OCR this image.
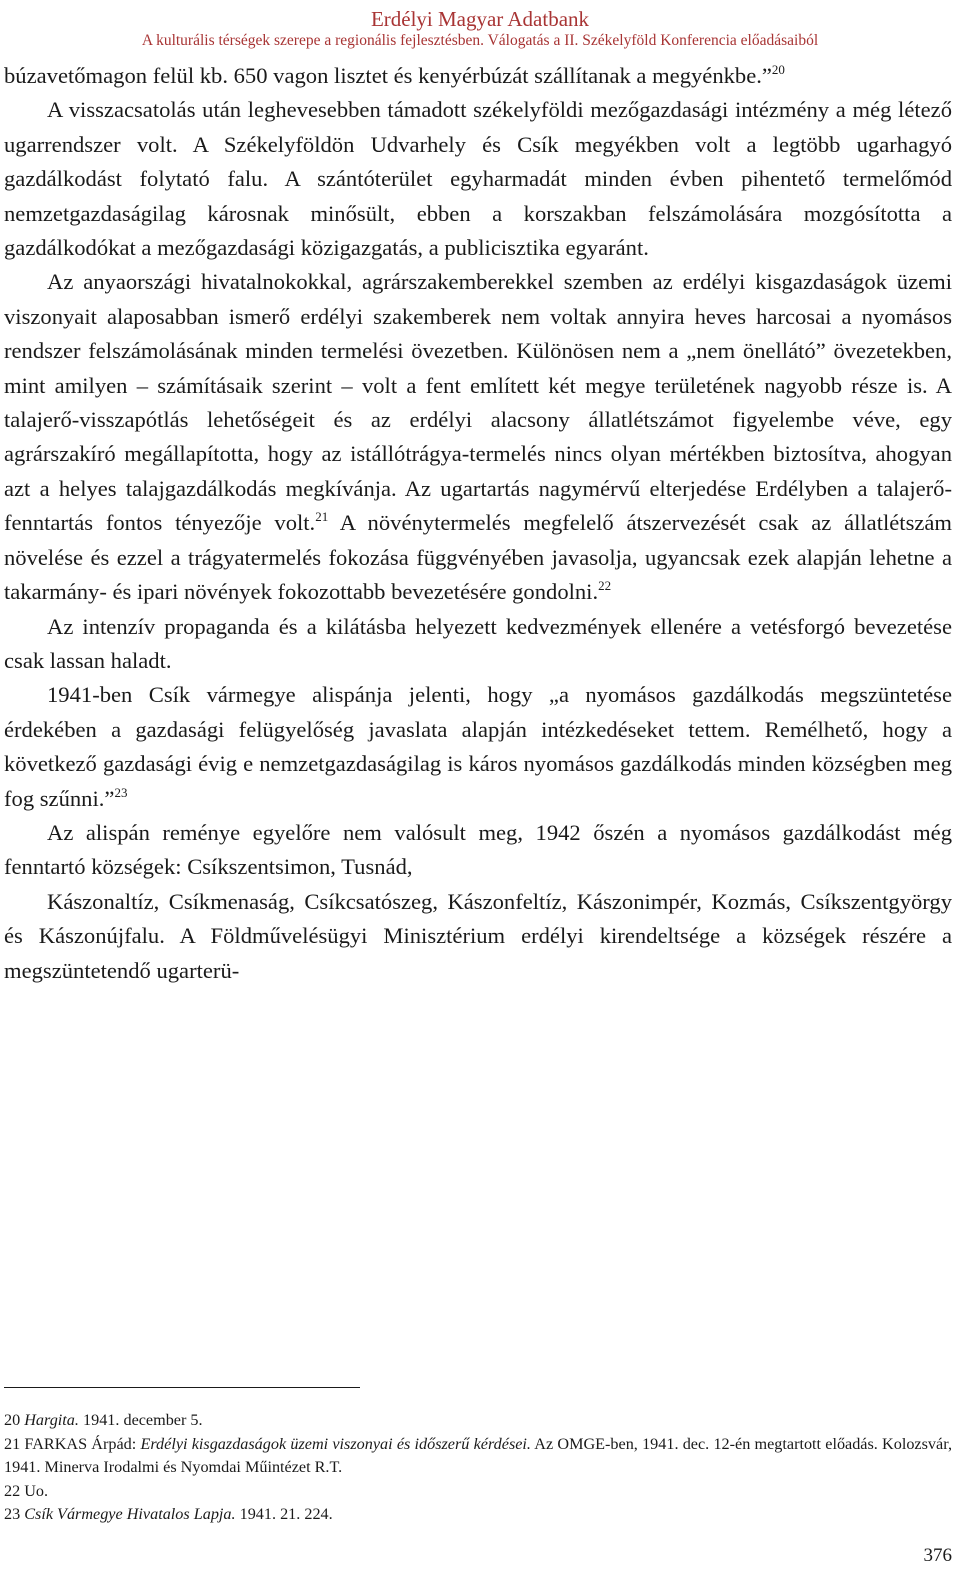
Erdélyi Magyar Adatbank
A kulturális térségek szerepe a regionális fejlesztésben. Válogatás a II. Székelyföld Konferencia előadásaiból

búzavetőmagon felül kb. 650 vagon lisztet és kenyérbúzát szállítanak a megyénkbe.”$^{20}$

A visszacsatolás után leghevesebben támadott székelyföldi mezőgazdasági intézmény a még létező ugarrendszer volt. A Székelyföldön Udvarhely és Csík megyékben volt a legtöbb ugarhagyó gazdálkodást folytató falu. A szántóterület egyharmadát minden évben pihentető termelőmód nemzetgazdaságilag károsnak minősült, ebben a korszakban felszámolására mozgósította a gazdálkodókat a mezőgazdasági közigazgatás, a publicisztika egyaránt.

Az anyaországi hivatalnokokkal, agrárszakemberekkel szemben az erdélyi kisgazdaságok üzemi viszonyait alaposabban ismerő erdélyi szakemberek nem voltak annyira heves harcosai a nyomásos rendszer felszámolásának minden termelési övezetben. Különösen nem a „nem önellátó” övezetekben, mint amilyen – számításaik szerint – volt a fent említett két megye területének nagyobb része is. A talajerő-visszapótlás lehetőségeit és az erdélyi alacsony állatlétszámot figyelembe véve, egy agrárszakíró megállapította, hogy az istállótrágya-termelés nincs olyan mértékben biztosítva, ahogyan azt a helyes talajgazdálkodás megkívánja. Az ugartartás nagymérvű elterjedése Erdélyben a talajerő-fenntartás fontos tényezője volt.$^{21}$ A növénytermelés megfelelő átszervezését csak az állatlétszám növelése és ezzel a trágyatermelés fokozása függvényében javasolja, ugyancsak ezek alapján lehetne a takarmány- és ipari növények fokozottabb bevezetésére gondolni.$^{22}$

Az intenzív propaganda és a kilátásba helyezett kedvezmények ellenére a vetésforgó bevezetése csak lassan haladt.

1941-ben Csík vármegye alispánja jelenti, hogy „a nyomásos gazdálkodás megszüntetése érdekében a gazdasági felügyelőség javaslata alapján intézkedéseket tettem. Remélhető, hogy a következő gazdasági évig e nemzetgazdaságilag is káros nyomásos gazdálkodás minden községben meg fog szűnni.”$^{23}$

Az alispán reménye egyelőre nem valósult meg, 1942 őszén a nyomásos gazdálkodást még fenntartó községek: Csíkszentsimon, Tusnád,

Kászonaltíz, Csíkmenaság, Csíkcsatószeg, Kászonfeltíz, Kászonimpér, Kozmás, Csíkszentgyörgy és Kászonújfalu. A Földművelésügyi Minisztérium erdélyi kirendeltsége a községek részére a megszüntetendő ugarterü-

20 Hargita. 1941. december 5.
21 FARKAS Árpád: Erdélyi kisgazdaságok üzemi viszonyai és időszerű kérdései. Az OMGE-ben, 1941. dec. 12-én megtartott előadás. Kolozsvár, 1941. Minerva Irodalmi és Nyomdai Műintézet R.T.
22 Uo.
23 Csík Vármegye Hivatalos Lapja. 1941. 21. 224.
376
